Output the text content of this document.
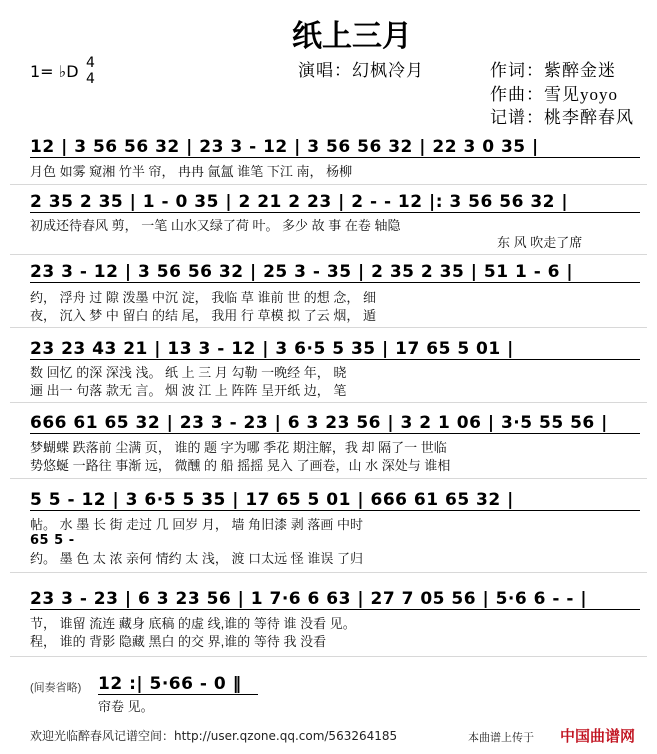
纸上三月
1= ♭D 4
4	演唱：幻枫冷月	作词：紫醉金迷
作曲：雪见yoyo
记谱：桃李醉春风
12 | 3 56 56 32 | 23 3 - 12 | 3 56 56 32 | 22 3 0 35 |
月色 如雾 窥湘 竹半 帘， 冉冉 氤氲 谁笔 下江 南， 杨柳
2 35 2 35 | 1 - 0 35 | 2 21 2 23 | 2 - - 12 |: 3 56 56 32 |
初成还待春风 剪， 一笔 山水又绿了荷 叶。 多少 故 事 在卷 轴隐
东 风 吹走了席
23 3 - 12 | 3 56 56 32 | 25 3 - 35 | 2 35 2 35 | 51 1 - 6 |
约， 浮舟 过 隙 泼墨 中沉 淀， 我临 草 谁前 世 的想 念， 细
夜， 沉入 梦 中 留白 的结 尾， 我用 行 草模 拟 了云 烟， 遁
23 23 43 21 | 13 3 - 12 | 3 6·5 5 35 | 17 65 5 01 |
数 回忆 的深 深浅 浅。 纸 上 三 月 勾勒 一晚经 年， 晓
逦 出一 句落 款无 言。 烟 波 江 上 阵阵 呈开纸 边， 笔
666 61 65 32 | 23 3 - 23 | 6 3 23 56 | 3 2 1 06 | 3·5 55 56 |
梦蝴蝶 跌落前 尘满 页， 谁的 题 字为哪 季花 期注解，我 却 隔了一 世临
势悠蜒 一路往 事渐 远， 微醺 的 船 摇摇 晃入 了画卷，山 水 深处与 谁相
5 5 - 12 | 3 6·5 5 35 | 17 65 5 01 | 666 61 65 32 |
帖。 水 墨 长 街 走过 几 回岁 月， 墙 角旧漆 剥 落画 中时
65 5 -
约。 墨 色 太 浓 亲何 情约 太 浅， 渡 口太远 怪 谁误 了归
23 3 - 23 | 6 3 23 56 | 1 7·6 6 63 | 27 7 05 56 | 5·6 6 - - |
节， 谁留 流连 藏身 底稿 的虚 线,谁的 等待 谁 没看 见。
程， 谁的 背影 隐藏 黑白 的交 界,谁的 等待 我 没看
(间奏省略) 12 :| 5·66 - 0 ‖
帘卷 见。
欢迎光临醉春风记谱空间：http://user.qzone.qq.com/563264185	本曲谱上传于 中国曲谱网
